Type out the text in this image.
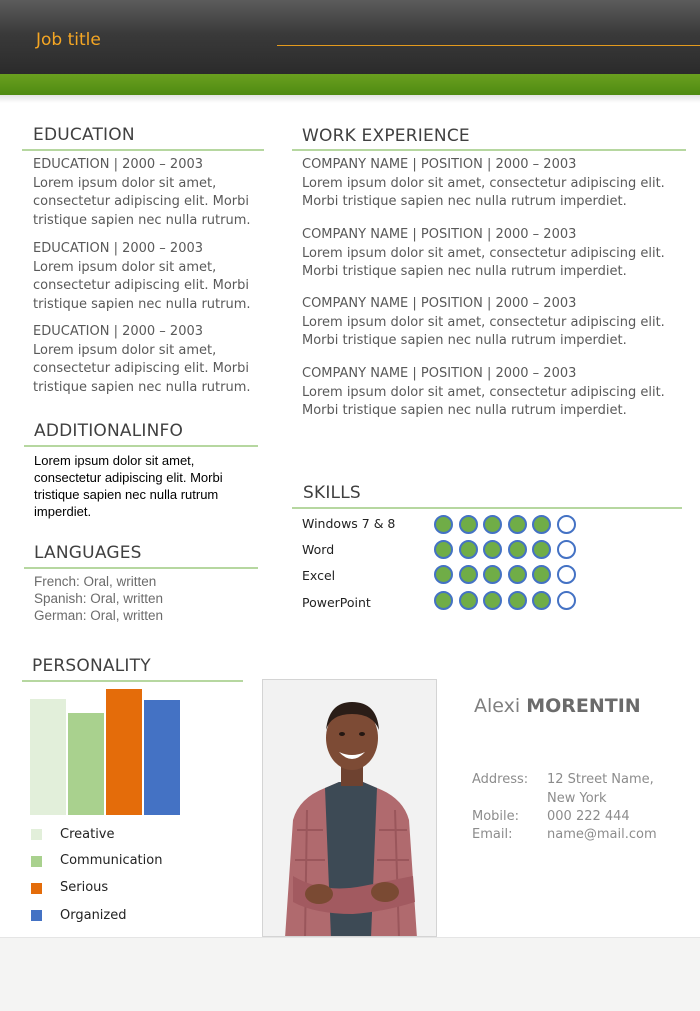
Job title
EDUCATION
EDUCATION | 2000 – 2003
Lorem ipsum dolor sit amet,
consectetur adipiscing elit. Morbi
tristique sapien nec nulla rutrum.
EDUCATION | 2000 – 2003
Lorem ipsum dolor sit amet,
consectetur adipiscing elit. Morbi
tristique sapien nec nulla rutrum.
EDUCATION | 2000 – 2003
Lorem ipsum dolor sit amet,
consectetur adipiscing elit. Morbi
tristique sapien nec nulla rutrum.
ADDITIONALINFO
Lorem ipsum dolor sit amet,
consectetur adipiscing elit. Morbi
tristique sapien nec nulla rutrum
imperdiet.
LANGUAGES
French: Oral, written
Spanish: Oral, written
German: Oral, written
WORK EXPERIENCE
COMPANY NAME | POSITION | 2000 – 2003
Lorem ipsum dolor sit amet, consectetur adipiscing elit.
Morbi tristique sapien nec nulla rutrum imperdiet.
COMPANY NAME | POSITION | 2000 – 2003
Lorem ipsum dolor sit amet, consectetur adipiscing elit.
Morbi tristique sapien nec nulla rutrum imperdiet.
COMPANY NAME | POSITION | 2000 – 2003
Lorem ipsum dolor sit amet, consectetur adipiscing elit.
Morbi tristique sapien nec nulla rutrum imperdiet.
COMPANY NAME | POSITION | 2000 – 2003
Lorem ipsum dolor sit amet, consectetur adipiscing elit.
Morbi tristique sapien nec nulla rutrum imperdiet.
SKILLS
Windows 7 & 8
Word
Excel
PowerPoint
PERSONALITY
Creative
Communication
Serious
Organized
Alexi MORENTIN
Address: 12 Street Name,
New York
Mobile: 000 222 444
Email:	name@mail.com
